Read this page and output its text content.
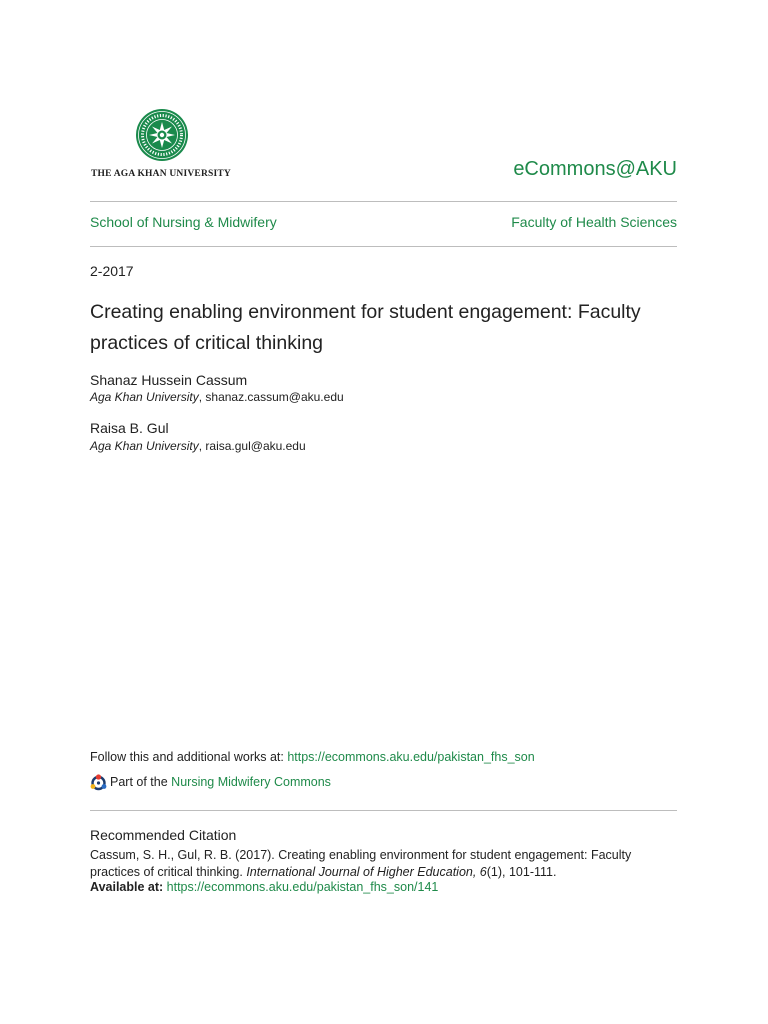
THE AGA KHAN UNIVERSITY	eCommons@AKU
School of Nursing & Midwifery	Faculty of Health Sciences
2-2017
Creating enabling environment for student engagement: Faculty practices of critical thinking
Shanaz Hussein Cassum
Aga Khan University, shanaz.cassum@aku.edu
Raisa B. Gul
Aga Khan University, raisa.gul@aku.edu
Follow this and additional works at: https://ecommons.aku.edu/pakistan_fhs_son
Part of the
Nursing Midwifery Commons
Recommended Citation
Cassum, S. H., Gul, R. B. (2017). Creating enabling environment for student engagement: Faculty practices of critical thinking. International Journal of Higher Education, 6(1), 101-111.
Available at: https://ecommons.aku.edu/pakistan_fhs_son/141
